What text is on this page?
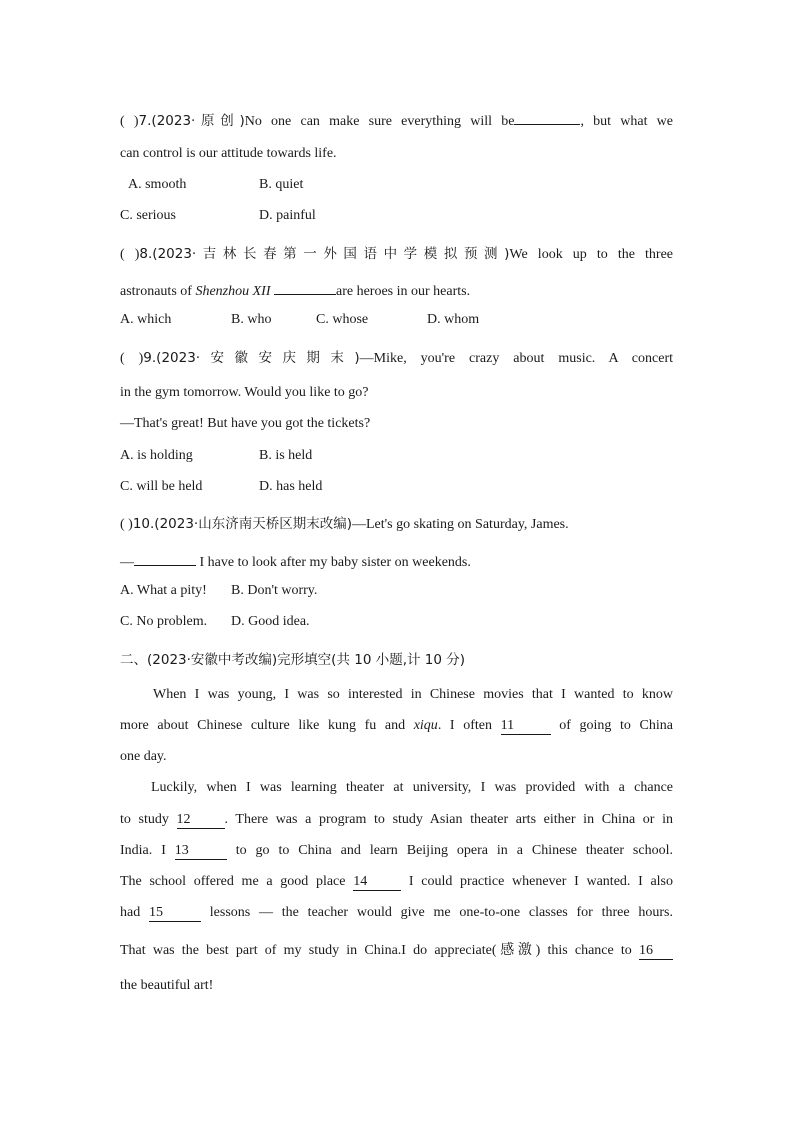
( )7.(2023·原创)No one can make sure everything will be	, but what we
can control is our attitude towards life.
A. smooth	B. quiet
C. serious	D. painful
( )8.(2023·吉林长春第一外国语中学模拟预测)We look up to the three
astronauts of Shenzhou XII	are heroes in our hearts.
A. which	B. who	C. whose	D. whom
( )9.(2023·安徽安庆期末)—Mike, you're crazy about music. A concert
in the gym tomorrow. Would you like to go?
—That's great! But have you got the tickets?
A. is holding	B. is held
C. will be held	D. has held
( )10.(2023·山东济南天桥区期末改编)—Let's go skating on Saturday, James.
—	I have to look after my baby sister on weekends.
A. What a pity! B. Don't worry.
C. No problem. D. Good idea.
二、(2023·安徽中考改编)完形填空(共 10 小题,计 10 分)
When I was young, I was so interested in Chinese movies that I wanted to know
more about Chinese culture like kung fu and xiqu. I often 11	of going to China
one day.
Luckily, when I was learning theater at university, I was provided with a chance
to study 12 . There was a program to study Asian theater arts either in China or in
India. I 13	to go to China and learn Beijing opera in a Chinese theater school.
The school offered me a good place 14 I could practice whenever I wanted. I also
had 15	lessons — the teacher would give me one-to-one classes for three hours.
That was the best part of my study in China.I do appreciate(感激) this chance to 16
the beautiful art!
